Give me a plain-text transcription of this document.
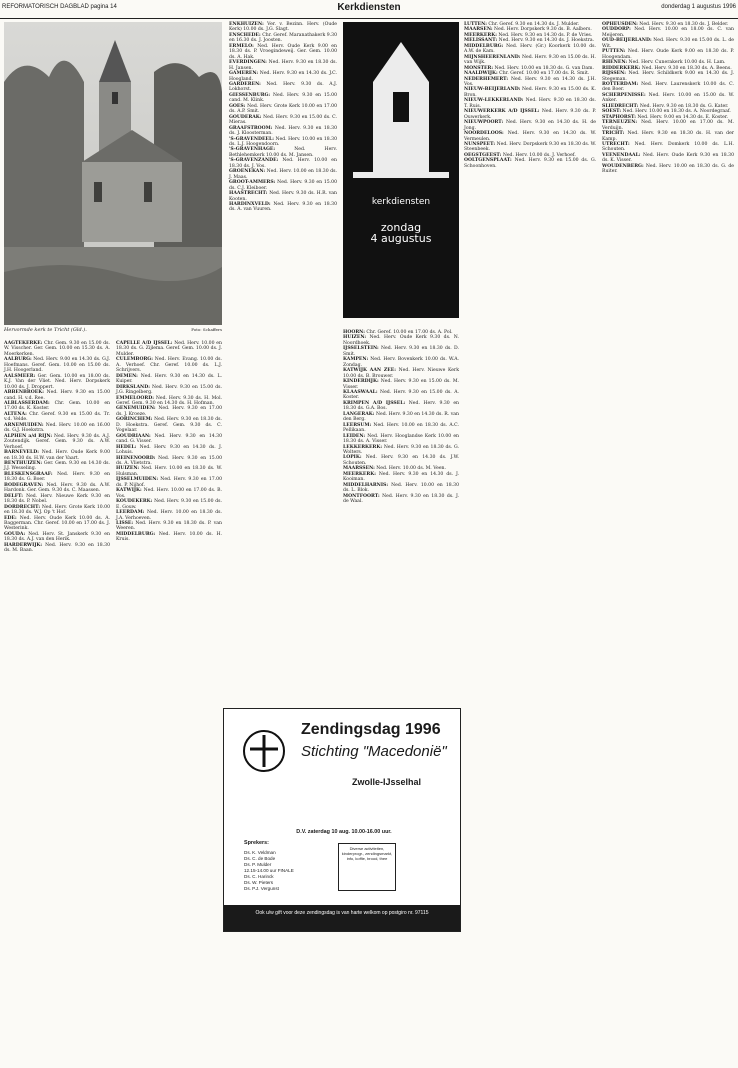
REFORMATORISCH DAGBLAD pagina 14	Kerkdiensten	donderdag 1 augustus 1996
Hervormde kerk te Tricht (Gld.).	Foto: Schaffers
kerkdiensten
zondag
4 augustus

AAGTEKERKE: Chr. Gem. 9.30 en 15.00 ds. W. Visscher. Ger. Gem. 10.00 en 15.30 ds. A. Moerkerken.

AALBURG: Ned. Herv. 9.00 en 14.30 ds. G.J. Hoefmans. Geref. Gem. 10.00 en 15.00 ds. J.H. Hoogerland.

AALSMEER: Ger. Gem. 10.00 en 18.00 ds. K.J. Van der Vliet. Ned. Herv. Dorpskerk 10.00 ds. J. Droppert.

ABBENBROEK: Ned. Herv. 9.30 en 15.00 cand. H. v.d. Ree.

ALBLASSERDAM: Chr. Gem. 10.00 en 17.00 ds. K. Koster.

ALTENA: Chr. Geref. 9.30 en 15.00 ds. Tr. v.d. Velde.

ARNEMUIDEN: Ned. Herv. 10.00 en 16.00 ds. G.J. Hoekstra.

ALPHEN a/d RIJN: Ned. Herv. 9.30 ds. A.J. Zoutendijk. Geref. Gem. 9.30 ds. A.W. Verhoef.

BARNEVELD: Ned. Herv. Oude Kerk 9.00 en 18.30 ds. H.W. van der Vaart.

BENTHUIZEN: Ger. Gem. 9.30 en 14.30 ds. J.J. Wesseling.

BLESKENSGRAAF: Ned. Herv. 9.30 en 18.30 ds. G. Boer.

BODEGRAVEN: Ned. Herv. 9.30 ds. A.W. Hardonk. Ger. Gem. 9.30 ds. C. Maassen.

DELFT: Ned. Herv. Nieuwe Kerk 9.30 en 18.30 ds. P. Nobel.

DORDRECHT: Ned. Herv. Grote Kerk 10.00 en 18.30 ds. W.J. Op 't Hof.

EDE: Ned. Herv. Oude Kerk 10.00 ds. A. Baggerman. Chr. Geref. 10.00 en 17.00 ds. J. Westerink.

GOUDA: Ned. Herv. St. Janskerk 9.30 en 18.30 ds. A.J. van den Herik.

HARDERWIJK: Ned. Herv. 9.30 en 18.30 ds. M. Baan.

CAPELLE A/D IJSSEL: Ned. Herv. 10.00 en 18.30 ds. G. Zijlema. Geref. Gem. 10.00 ds. J. Mulder.

CULEMBORG: Ned. Herv. Evang. 10.00 ds. A. Verhoef. Chr. Geref. 10.00 ds. L.J. Schrijvers.

DEMEN: Ned. Herv. 9.30 en 14.30 ds. L. Kuiper.

DIRKSLAND: Ned. Herv. 9.30 en 15.00 ds. J.G. Ringelberg.

EMMELOORD: Ned. Herv. 9.30 ds. H. Mol. Geref. Gem. 9.30 en 14.30 ds. H. Hofman.

GENEMUIDEN: Ned. Herv. 9.30 en 17.00 ds. J. Kroeze.

GORINCHEM: Ned. Herv. 9.30 en 18.30 ds. D. Hoekstra. Geref. Gem. 9.30 ds. C. Vogelaar.

GOUDRIAAN: Ned. Herv. 9.30 en 14.30 cand. G. Visser.

HEDEL: Ned. Herv. 9.30 en 14.30 ds. J. Lohuis.

HEINENOORD: Ned. Herv. 9.30 en 15.00 ds. A. Vlietstra.

HUIZEN: Ned. Herv. 10.00 en 18.30 ds. W. Hulsman.

IJSSELMUIDEN: Ned. Herv. 9.30 en 17.00 ds. P. Nijhof.

KATWIJK: Ned. Herv. 10.00 en 17.00 ds. B. Vos.

KOUDEKERK: Ned. Herv. 9.30 en 15.00 ds. E. Gouw.

LEERDAM: Ned. Herv. 10.00 en 18.30 ds. J.A. Verhoeven.

LISSE: Ned. Herv. 9.30 en 18.30 ds. P. van Weeren.

MIDDELBURG: Ned. Herv. 10.00 ds. H. Kruis.

ENKHUIZEN: Ver. v. Bezinn. Herv. (Oude Kerk) 10.00 ds. J.G. Slagt.

ENSCHEDE: Chr. Geref. Maranathakerk 9.30 en 16.30 ds. J. Joosten.

ERMELO: Ned. Herv. Oude Kerk 9.00 en 18.30 ds. P. Vroegindeweij. Ger. Gem. 10.00 ds. A. Hak.

EVERDINGEN: Ned. Herv. 9.30 en 18.30 ds. H. Jansen.

GAMEREN: Ned. Herv. 9.30 en 14.30 ds. J.C. Hoogland.

GARDEREN: Ned. Herv. 9.30 ds. A.J. Lokhorst.

GIESSENBURG: Ned. Herv. 9.30 en 15.00 cand. M. Klink.

GOES: Ned. Herv. Grote Kerk 10.00 en 17.00 ds. A.P. Smit.

GOUDERAK: Ned. Herv. 9.30 en 15.00 ds. C. Mieras.

GRAAFSTROOM: Ned. Herv. 9.30 en 18.30 ds. J. Kloosterman.

'S-GRAVENDEEL: Ned. Herv. 10.00 en 18.30 ds. L.J. Hoogendoorn.

'S-GRAVENHAGE: Ned. Herv. Bethlehemkerk 10.00 ds. M. Jansen.

'S-GRAVENZANDE: Ned. Herv. 10.00 en 18.30 ds. J. Vos.

GROENEKAN: Ned. Herv. 10.00 en 18.30 ds. J. Maas.

GROOT-AMMERS: Ned. Herv. 9.30 en 15.00 ds. C.J. Kleiboer.

HAASTRECHT: Ned. Herv. 9.30 ds. H.R. van Kooten.

HARDINXVELD: Ned. Herv. 9.30 en 18.30 ds. A. van Vuuren.

HOORN: Chr. Geref. 10.00 en 17.00 ds. A. Pol.

HUIZEN: Ned. Herv. Oude Kerk 9.30 ds. N. Noordhoek.

IJSSELSTEIN: Ned. Herv. 9.30 en 18.30 ds. D. Smit.

KAMPEN: Ned. Herv. Bovenkerk 10.00 ds. W.A. Zondag.

KATWIJK AAN ZEE: Ned. Herv. Nieuwe Kerk 10.00 ds. B. Brouwer.

KINDERDIJK: Ned. Herv. 9.30 en 15.00 ds. M. Visser.

KLAASWAAL: Ned. Herv. 9.30 en 15.00 ds. A. Koster.

KRIMPEN A/D IJSSEL: Ned. Herv. 9.30 en 18.30 ds. G.A. Bos.

LANGERAK: Ned. Herv. 9.30 en 14.30 ds. R. van den Berg.

LEERSUM: Ned. Herv. 10.00 en 18.30 ds. A.C. Pellikaan.

LEIDEN: Ned. Herv. Hooglandse Kerk 10.00 en 18.30 ds. A. Visser.

LEKKERKERK: Ned. Herv. 9.30 en 18.30 ds. G. Wolters.

LOPIK: Ned. Herv. 9.30 en 14.30 ds. J.W. Schouten.

MAARSSEN: Ned. Herv. 10.00 ds. M. Veen.

MEERKERK: Ned. Herv. 9.30 en 14.30 ds. J. Kooiman.

MIDDELHARNIS: Ned. Herv. 10.00 en 18.30 ds. L. Blok.

MONTFOORT: Ned. Herv. 9.30 en 18.30 ds. J. de Waal.

LUTTEN: Chr. Geref. 9.30 en 14.30 ds. J. Mulder.

MAARSEN: Ned. Herv. Dorpskerk 9.30 ds. B. Aalbers.

MEERKERK: Ned. Herv. 9.30 en 14.30 ds. P. de Vries.

MELISSANT: Ned. Herv. 9.30 en 14.30 ds. J. Hoekstra.

MIDDELBURG: Ned. Herv. (Gr.) Koorkerk 10.00 ds. A.W. de Kam.

MIJNSHEERENLAND: Ned. Herv. 9.30 en 15.00 ds. H. van Wijk.

MONSTER: Ned. Herv. 10.00 en 18.30 ds. G. van Dam.

NAALDWIJK: Chr. Geref. 10.00 en 17.00 ds. R. Smit.

NEDERHEMERT: Ned. Herv. 9.30 en 14.30 ds. J.H. Vos.

NIEUW-BEIJERLAND: Ned. Herv. 9.30 en 15.00 ds. K. Bron.

NIEUW-LEKKERLAND: Ned. Herv. 9.30 en 18.30 ds. T. Ruis.

NIEUWERKERK A/D IJSSEL: Ned. Herv. 9.30 ds. P. Ouwerkerk.

NIEUWPOORT: Ned. Herv. 9.30 en 14.30 ds. H. de Jong.

NOORDELOOS: Ned. Herv. 9.30 en 14.30 ds. W. Vermeulen.

NUNSPEET: Ned. Herv. Dorpskerk 9.30 en 18.30 ds. W. Steenbeek.

OEGSTGEEST: Ned. Herv. 10.00 ds. J. Verhoef.

OOLTGENSPLAAT: Ned. Herv. 9.30 en 15.00 ds. G. Schoonhoven.

OPHEUSDEN: Ned. Herv. 9.30 en 18.30 ds. J. Belder.

OUDDORP: Ned. Herv. 10.00 en 18.00 ds. C. van Meijeren.

OUD-BEIJERLAND: Ned. Herv. 9.30 en 15.00 ds. L. de Wit.

PUTTEN: Ned. Herv. Oude Kerk 9.00 en 18.30 ds. P. Hoogendam.

RHENEN: Ned. Herv. Cunerakerk 10.00 ds. H. Lam.

RIDDERKERK: Ned. Herv. 9.30 en 18.30 ds. A. Beens.

RIJSSEN: Ned. Herv. Schildkerk 9.00 en 14.30 ds. J. Stegeman.

ROTTERDAM: Ned. Herv. Laurenskerk 10.00 ds. C. den Boer.

SCHERPENISSE: Ned. Herv. 10.00 en 15.00 ds. W. Anker.

SLIEDRECHT: Ned. Herv. 9.30 en 18.30 ds. G. Kater.

SOEST: Ned. Herv. 10.00 en 18.30 ds. A. Noordegraaf.

STAPHORST: Ned. Herv. 9.00 en 14.30 ds. E. Koster.

TERNEUZEN: Ned. Herv. 10.00 en 17.00 ds. M. Verduijn.

TRICHT: Ned. Herv. 9.30 en 18.30 ds. H. van der Kamp.

UTRECHT: Ned. Herv. Domkerk 10.00 ds. L.H. Schouten.

VEENENDAAL: Ned. Herv. Oude Kerk 9.30 en 18.30 ds. K. Visser.

WOUDENBERG: Ned. Herv. 10.00 en 18.30 ds. G. de Ruiter.

Zendingsdag 1996
Stichting "Macedonië"
Zwolle-IJsselhal
D.V. zaterdag 10 aug. 10.00-16.00 uur.
Sprekers:
Ds. K. Veldman
Ds. C. de Bode
Ds. P. Mulder
12.15-14.00 uur FINALE
Ds. C. Harinck
Ds. W. Pieters
Ds. P.J. Vergunst
Diverse activiteiten, kinderprogr., zendingsmarkt, info, koffie, brood, thee
Ook u/w gift voor deze zendingsdag is van harte welkom op postgiro nr. 97115
